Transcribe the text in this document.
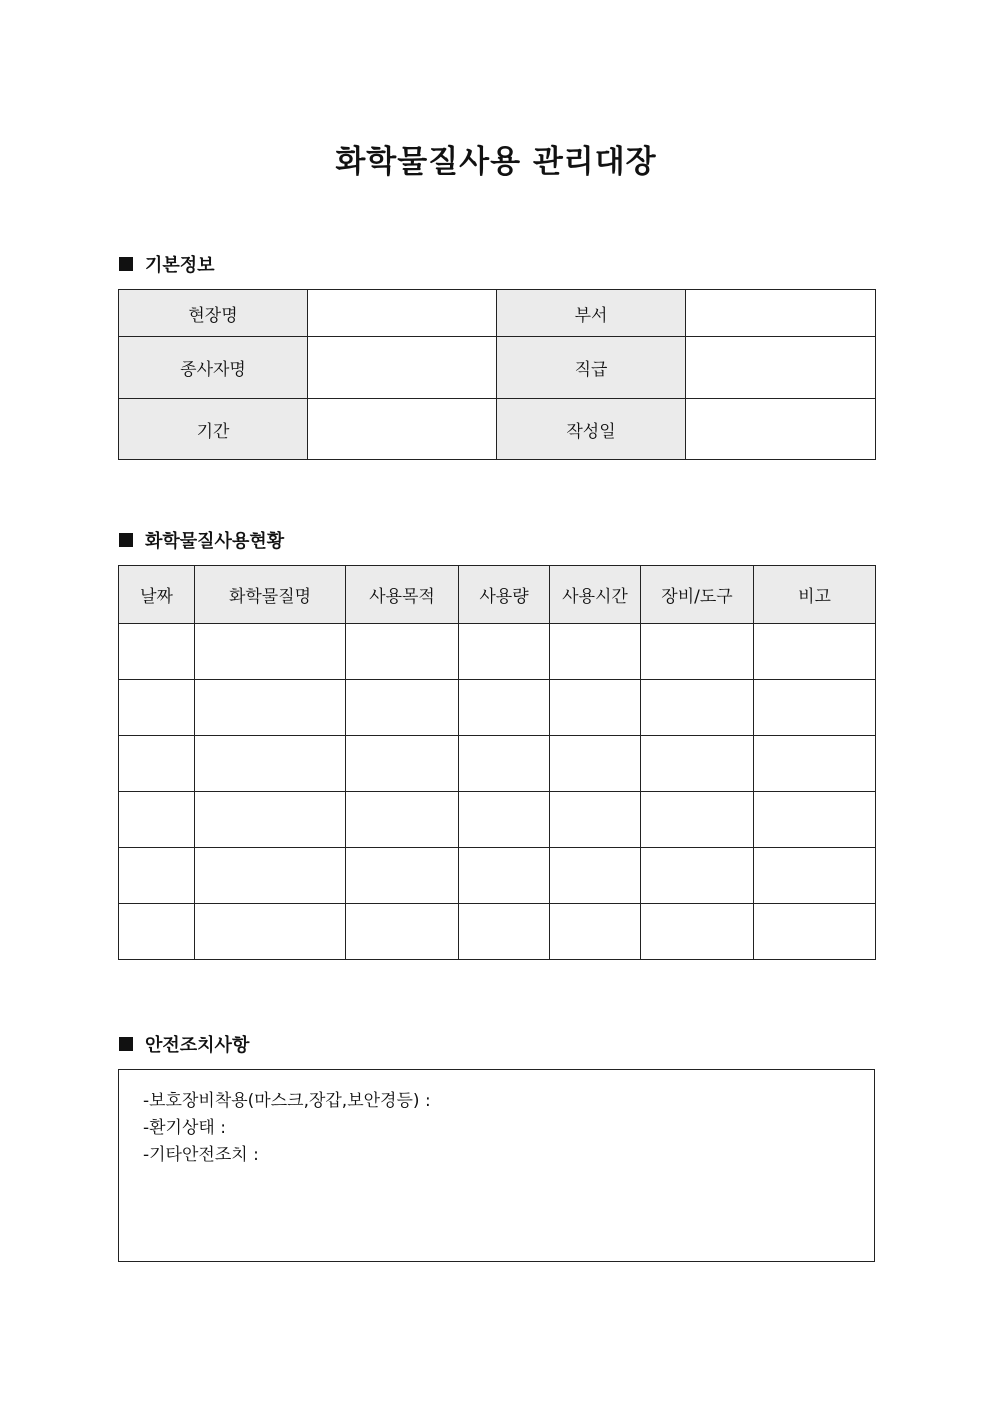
화학물질사용 관리대장
기본정보
현장명		부서	
종사자명		직급	
기간		작성일	
화학물질사용현황
날짜	화학물질명	사용목적	사용량	사용시간	장비/도구	비고

안전조치사항
-보호장비착용(마스크,장갑,보안경등) :
-환기상태 :
-기타안전조치 :
